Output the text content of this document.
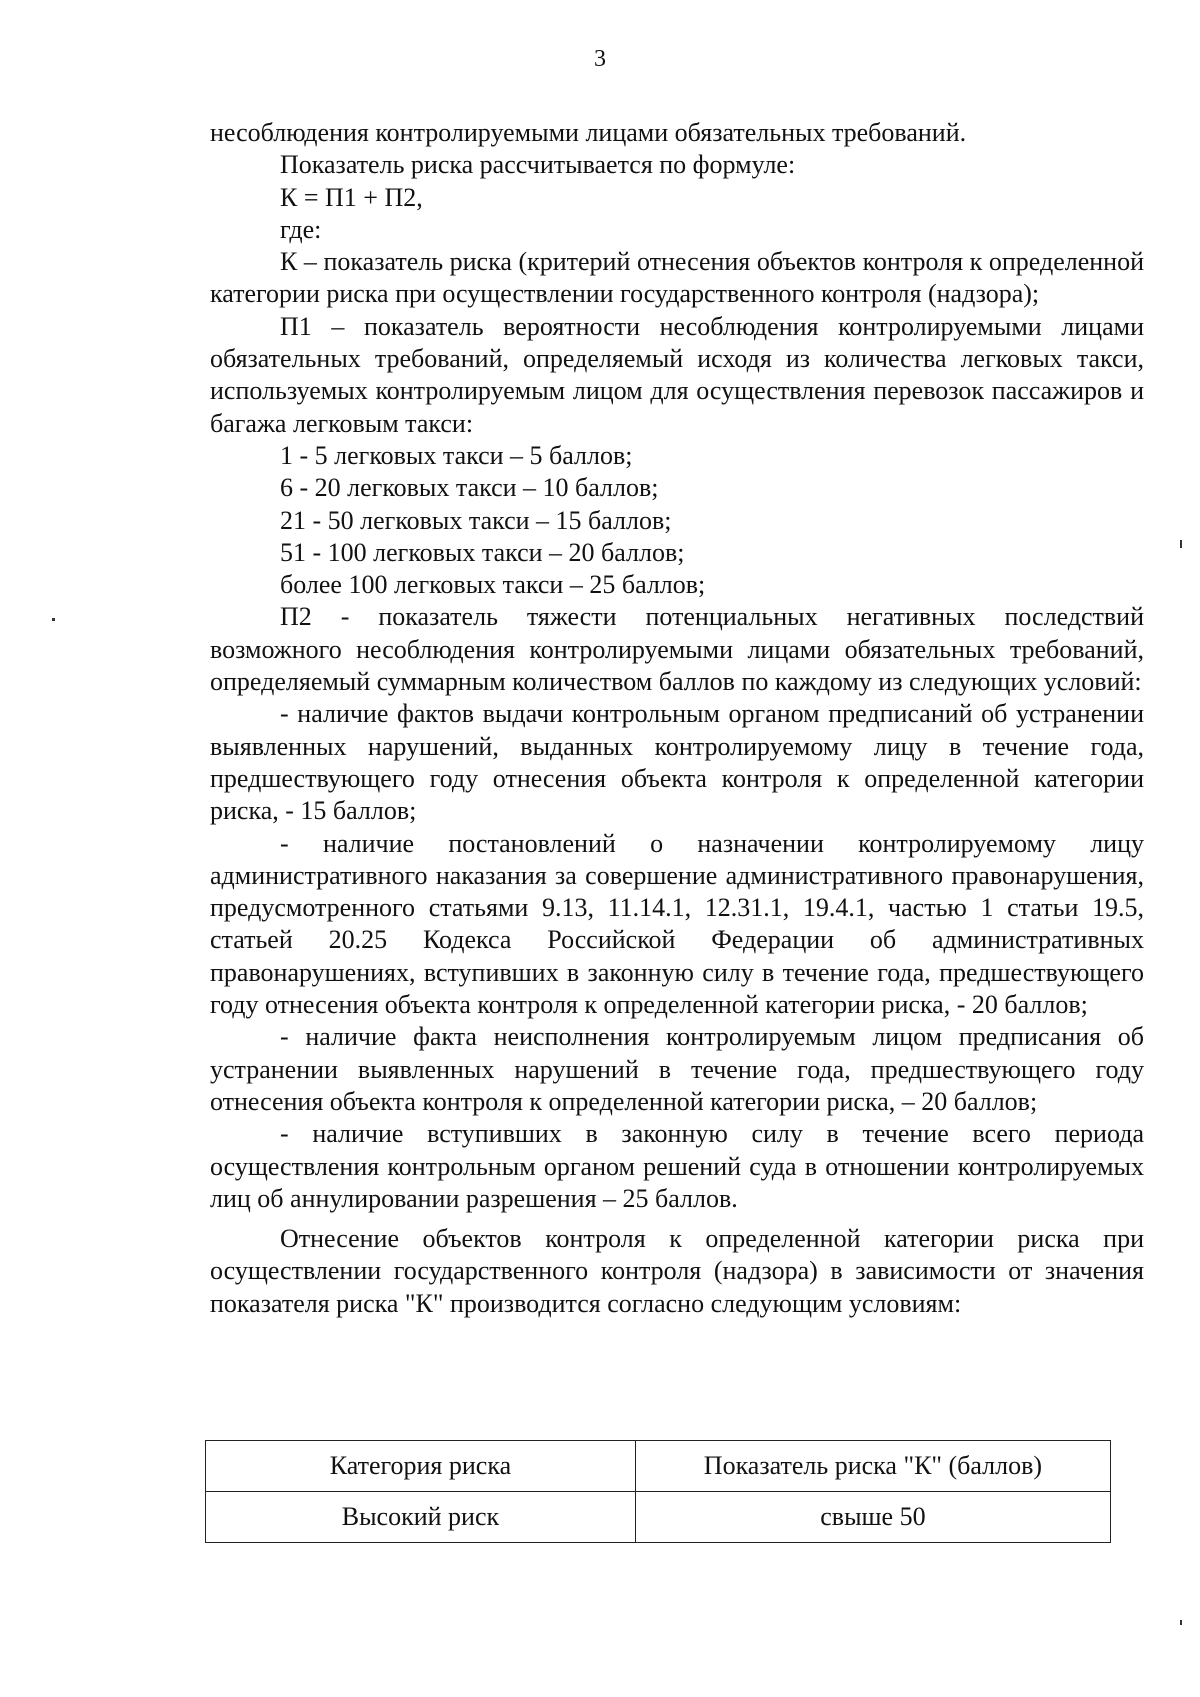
3

несоблюдения контролируемыми лицами обязательных требований.

Показатель риска рассчитывается по формуле:

К = П1 + П2,

где:

К – показатель риска (критерий отнесения объектов контроля к определенной категории риска при осуществлении государственного контроля (надзора);

П1 – показатель вероятности несоблюдения контролируемыми лицами обязательных требований, определяемый исходя из количества легковых такси, используемых контролируемым лицом для осуществления перевозок пассажиров и багажа легковым такси:

1 - 5 легковых такси – 5 баллов;

6 - 20 легковых такси – 10 баллов;

21 - 50 легковых такси – 15 баллов;

51 - 100 легковых такси – 20 баллов;

более 100 легковых такси – 25 баллов;

П2 - показатель тяжести потенциальных негативных последствий возможного несоблюдения контролируемыми лицами обязательных требований, определяемый суммарным количеством баллов по каждому из следующих условий:

- наличие фактов выдачи контрольным органом предписаний об устранении выявленных нарушений, выданных контролируемому лицу в течение года, предшествующего году отнесения объекта контроля к определенной категории риска, - 15 баллов;

- наличие постановлений о назначении контролируемому лицу административного наказания за совершение административного правонарушения, предусмотренного статьями 9.13, 11.14.1, 12.31.1, 19.4.1, частью 1 статьи 19.5, статьей 20.25 Кодекса Российской Федерации об административных правонарушениях, вступивших в законную силу в течение года, предшествующего году отнесения объекта контроля к определенной категории риска, - 20 баллов;

- наличие факта неисполнения контролируемым лицом предписания об устранении выявленных нарушений в течение года, предшествующего году отнесения объекта контроля к определенной категории риска, – 20 баллов;

- наличие вступивших в законную силу в течение всего периода осуществления контрольным органом решений суда в отношении контролируемых лиц об аннулировании разрешения – 25 баллов.

Отнесение объектов контроля к определенной категории риска при осуществлении государственного контроля (надзора) в зависимости от значения показателя риска "К" производится согласно следующим условиям:

Категория риска	Показатель риска "К" (баллов)
Высокий риск	свыше 50
